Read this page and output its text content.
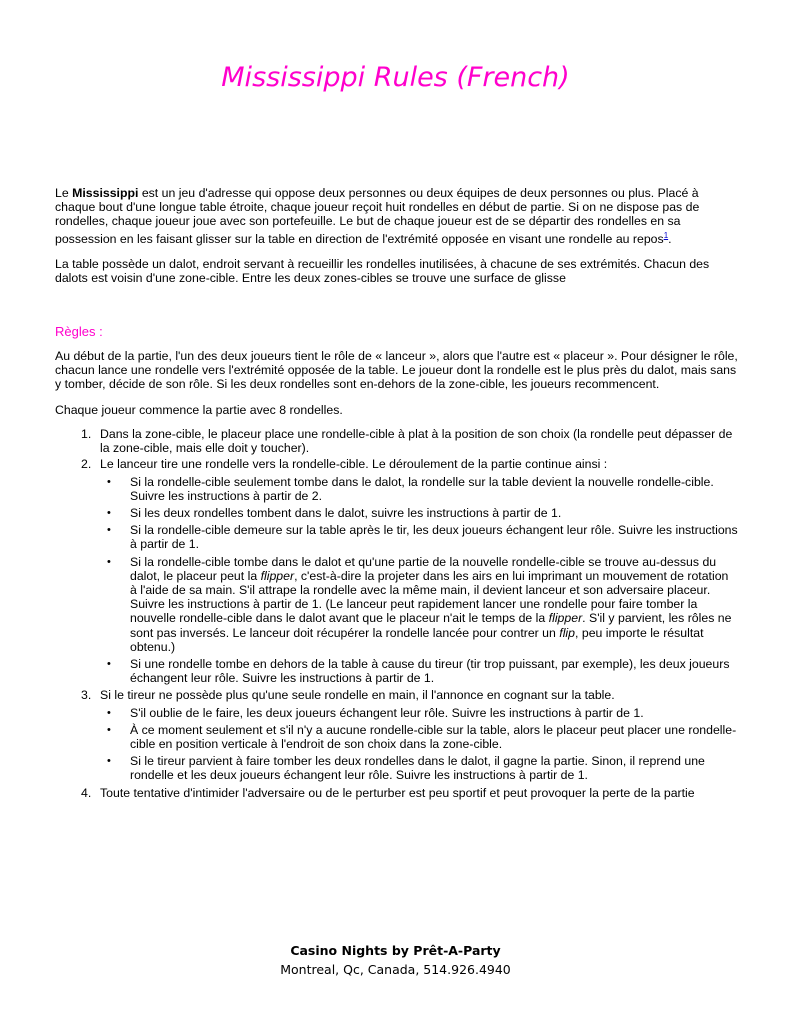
Mississippi Rules (French)

Le Mississippi est un jeu d'adresse qui oppose deux personnes ou deux équipes de deux personnes ou plus. Placé à chaque bout d'une longue table étroite, chaque joueur reçoit huit rondelles en début de partie. Si on ne dispose pas de rondelles, chaque joueur joue avec son portefeuille. Le but de chaque joueur est de se départir des rondelles en sa possession en les faisant glisser sur la table en direction de l'extrémité opposée en visant une rondelle au repos$^1$.

La table possède un dalot, endroit servant à recueillir les rondelles inutilisées, à chacune de ses extrémités. Chacun des dalots est voisin d'une zone-cible. Entre les deux zones-cibles se trouve une surface de glisse

Règles :

Au début de la partie, l'un des deux joueurs tient le rôle de « lanceur », alors que l'autre est « placeur ». Pour désigner le rôle, chacun lance une rondelle vers l'extrémité opposée de la table. Le joueur dont la rondelle est le plus près du dalot, mais sans y tomber, décide de son rôle. Si les deux rondelles sont en-dehors de la zone-cible, les joueurs recommencent.

Chaque joueur commence la partie avec 8 rondelles.

1. Dans la zone-cible, le placeur place une rondelle-cible à plat à la position de son choix (la rondelle peut dépasser de la zone-cible, mais elle doit y toucher).
2. Le lanceur tire une rondelle vers la rondelle-cible. Le déroulement de la partie continue ainsi :
• Si la rondelle-cible seulement tombe dans le dalot, la rondelle sur la table devient la nouvelle rondelle-cible. Suivre les instructions à partir de 2.
• Si les deux rondelles tombent dans le dalot, suivre les instructions à partir de 1.
• Si la rondelle-cible demeure sur la table après le tir, les deux joueurs échangent leur rôle. Suivre les instructions à partir de 1.
• Si la rondelle-cible tombe dans le dalot et qu'une partie de la nouvelle rondelle-cible se trouve au-dessus du dalot, le placeur peut la flipper, c'est-à-dire la projeter dans les airs en lui imprimant un mouvement de rotation à l'aide de sa main. S'il attrape la rondelle avec la même main, il devient lanceur et son adversaire placeur. Suivre les instructions à partir de 1. (Le lanceur peut rapidement lancer une rondelle pour faire tomber la nouvelle rondelle-cible dans le dalot avant que le placeur n'ait le temps de la flipper. S'il y parvient, les rôles ne sont pas inversés. Le lanceur doit récupérer la rondelle lancée pour contrer un flip, peu importe le résultat obtenu.)
• Si une rondelle tombe en dehors de la table à cause du tireur (tir trop puissant, par exemple), les deux joueurs échangent leur rôle. Suivre les instructions à partir de 1.
3. Si le tireur ne possède plus qu'une seule rondelle en main, il l'annonce en cognant sur la table.
• S'il oublie de le faire, les deux joueurs échangent leur rôle. Suivre les instructions à partir de 1.
• À ce moment seulement et s'il n'y a aucune rondelle-cible sur la table, alors le placeur peut placer une rondelle-cible en position verticale à l'endroit de son choix dans la zone-cible.
• Si le tireur parvient à faire tomber les deux rondelles dans le dalot, il gagne la partie. Sinon, il reprend une rondelle et les deux joueurs échangent leur rôle. Suivre les instructions à partir de 1.
4. Toute tentative d'intimider l'adversaire ou de le perturber est peu sportif et peut provoquer la perte de la partie
Casino Nights by Prêt-A-Party
Montreal, Qc, Canada, 514.926.4940
